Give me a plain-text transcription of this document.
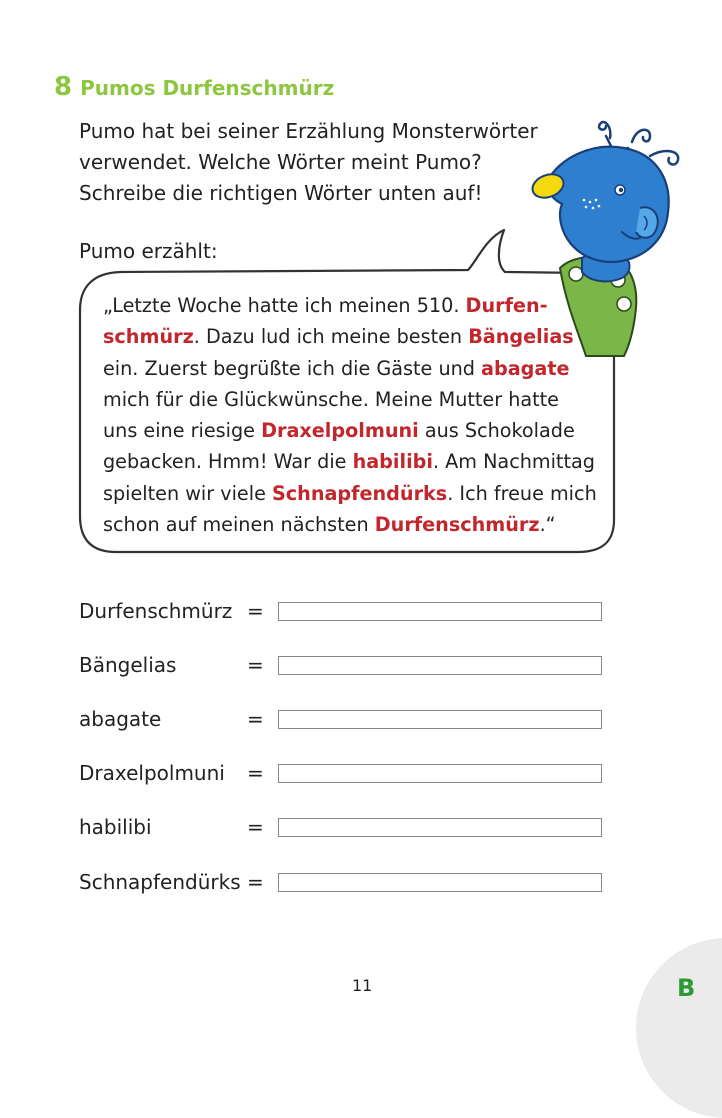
8 Pumos Durfenschmürz

Pumo hat bei seiner Erzählung Monsterwörter

verwendet. Welche Wörter meint Pumo?

Schreibe die richtigen Wörter unten auf!

Pumo erzählt:

„Letzte Woche hatte ich meinen 510. Durfen-

schmürz. Dazu lud ich meine besten Bängelias

ein. Zuerst begrüßte ich die Gäste und abagate

mich für die Glückwünsche. Meine Mutter hatte

uns eine riesige Draxelpolmuni aus Schokolade

gebacken. Hmm! War die habilibi. Am Nachmittag

spielten wir viele Schnapfendürks. Ich freue mich

schon auf meinen nächsten Durfenschmürz.“

Durfenschmürz =
Bängelias	=
abagate	=
Draxelpolmuni	=
habilibi	=
Schnapfendürks =
11	B
